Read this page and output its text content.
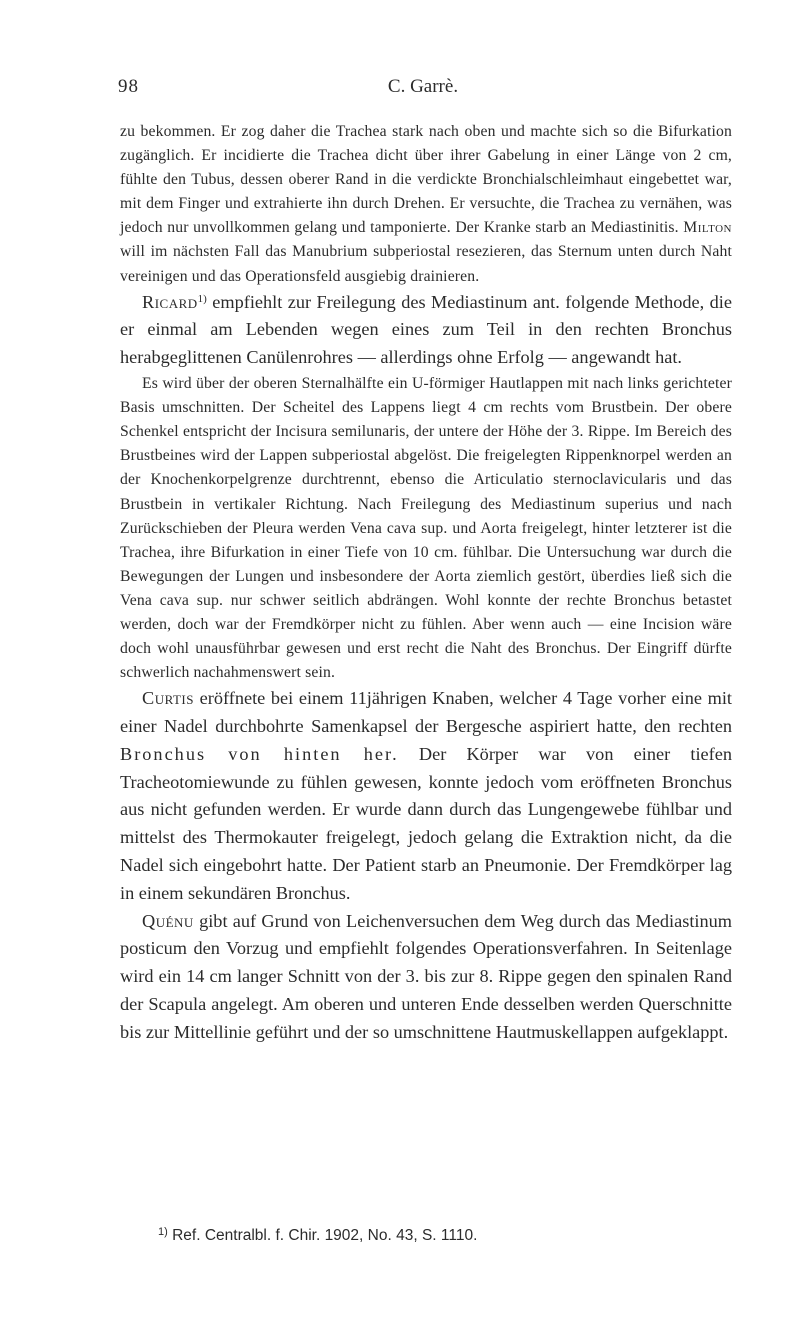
98	C. Garrè.

zu bekommen. Er zog daher die Trachea stark nach oben und machte sich so die Bifurkation zugänglich. Er incidierte die Trachea dicht über ihrer Gabelung in einer Länge von 2 cm, fühlte den Tubus, dessen oberer Rand in die verdickte Bronchialschleimhaut eingebettet war, mit dem Finger und extrahierte ihn durch Drehen. Er versuchte, die Trachea zu vernähen, was jedoch nur unvollkommen gelang und tamponierte. Der Kranke starb an Mediastinitis. Milton will im nächsten Fall das Manubrium subperiostal resezieren, das Sternum unten durch Naht vereinigen und das Operationsfeld ausgiebig drainieren.

Ricard$^{1)}$ empfiehlt zur Freilegung des Mediastinum ant. folgende Methode, die er einmal am Lebenden wegen eines zum Teil in den rechten Bronchus herabgeglittenen Canülenrohres — allerdings ohne Erfolg — angewandt hat.

Es wird über der oberen Sternalhälfte ein U-förmiger Hautlappen mit nach links gerichteter Basis umschnitten. Der Scheitel des Lappens liegt 4 cm rechts vom Brustbein. Der obere Schenkel entspricht der Incisura semilunaris, der untere der Höhe der 3. Rippe. Im Bereich des Brustbeines wird der Lappen subperiostal abgelöst. Die freigelegten Rippenknorpel werden an der Knochenkorpelgrenze durchtrennt, ebenso die Articulatio sternoclavicularis und das Brustbein in vertikaler Richtung. Nach Freilegung des Mediastinum superius und nach Zurückschieben der Pleura werden Vena cava sup. und Aorta freigelegt, hinter letzterer ist die Trachea, ihre Bifurkation in einer Tiefe von 10 cm. fühlbar. Die Untersuchung war durch die Bewegungen der Lungen und insbesondere der Aorta ziemlich gestört, überdies ließ sich die Vena cava sup. nur schwer seitlich abdrängen. Wohl konnte der rechte Bronchus betastet werden, doch war der Fremdkörper nicht zu fühlen. Aber wenn auch — eine Incision wäre doch wohl unausführbar gewesen und erst recht die Naht des Bronchus. Der Eingriff dürfte schwerlich nachahmenswert sein.

Curtis eröffnete bei einem 11jährigen Knaben, welcher 4 Tage vorher eine mit einer Nadel durchbohrte Samenkapsel der Bergesche aspiriert hatte, den rechten Bronchus von hinten her. Der Körper war von einer tiefen Tracheotomiewunde zu fühlen gewesen, konnte jedoch vom eröffneten Bronchus aus nicht gefunden werden. Er wurde dann durch das Lungengewebe fühlbar und mittelst des Thermokauter freigelegt, jedoch gelang die Extraktion nicht, da die Nadel sich eingebohrt hatte. Der Patient starb an Pneumonie. Der Fremdkörper lag in einem sekundären Bronchus.

Quénu gibt auf Grund von Leichenversuchen dem Weg durch das Mediastinum posticum den Vorzug und empfiehlt folgendes Operationsverfahren. In Seitenlage wird ein 14 cm langer Schnitt von der 3. bis zur 8. Rippe gegen den spinalen Rand der Scapula angelegt. Am oberen und unteren Ende desselben werden Querschnitte bis zur Mittellinie geführt und der so umschnittene Hautmuskellappen aufgeklappt.

$^{1)}$ Ref. Centralbl. f. Chir. 1902, No. 43, S. 1110.
